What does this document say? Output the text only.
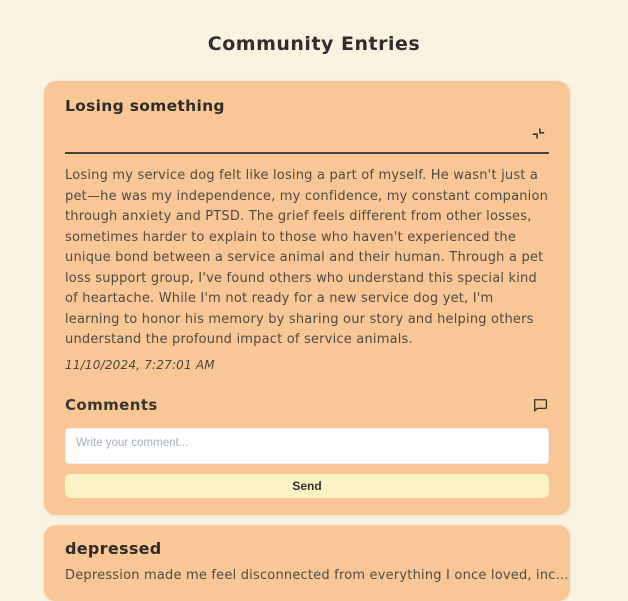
Community Entries
Losing something

Losing my service dog felt like losing a part of myself. He wasn't just a pet—he was my independence, my confidence, my constant companion through anxiety and PTSD. The grief feels different from other losses, sometimes harder to explain to those who haven't experienced the unique bond between a service animal and their human. Through a pet loss support group, I've found others who understand this special kind of heartache. While I'm not ready for a new service dog yet, I'm learning to honor his memory by sharing our story and helping others understand the profound impact of service animals.

11/10/2024, 7:27:01 AM
Comments
Write your comment...
Send
depressed
Depression made me feel disconnected from everything I once loved, inc…
